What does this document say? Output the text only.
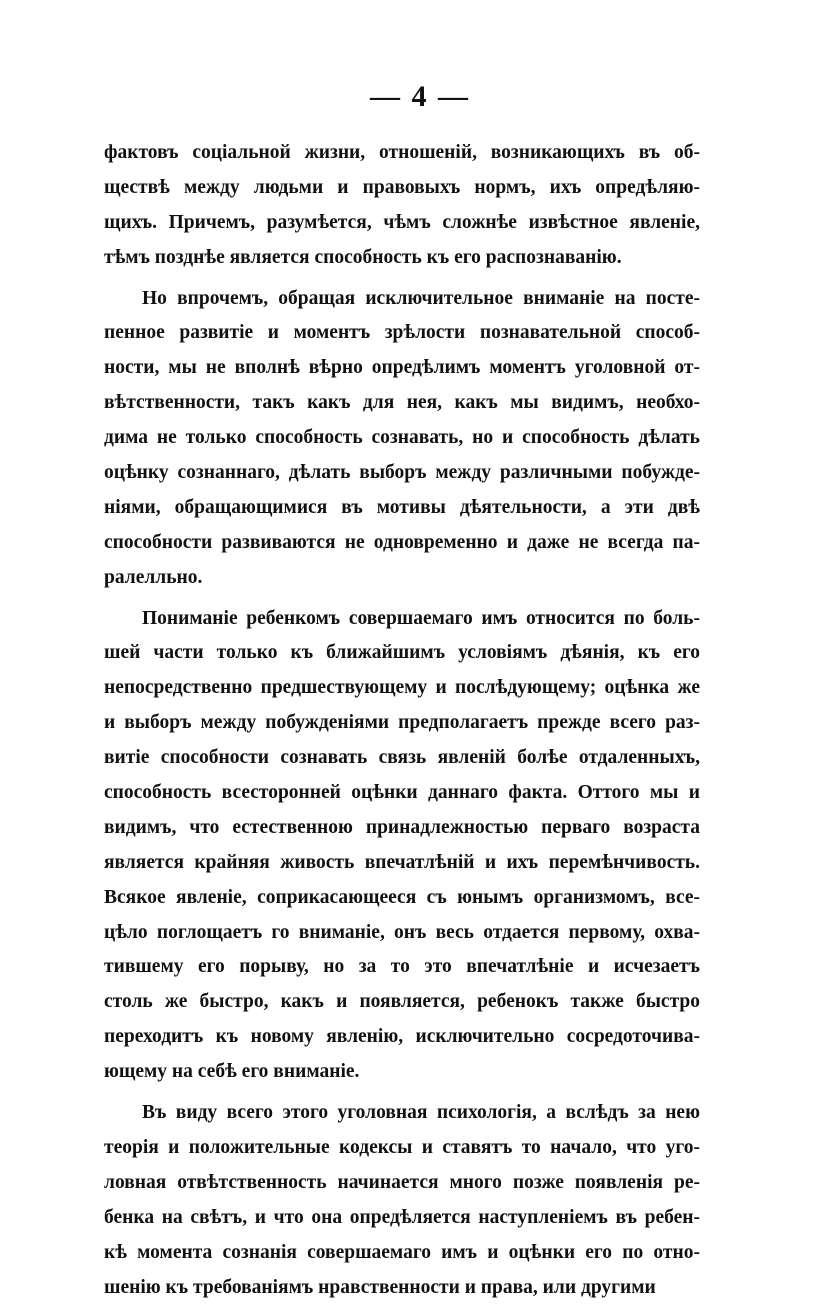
— 4 —
фактовъ соціальной жизни, отношеній, возникающихъ въ об-
ществѣ между людьми и правовыхъ нормъ, ихъ опредѣляю-
щихъ. Причемъ, разумѣется, чѣмъ сложнѣе извѣстное явленіе,
тѣмъ позднѣе является способность къ его распознаванію.
Но впрочемъ, обращая исключительное вниманіе на посте-
пенное развитіе и моментъ зрѣлости познавательной способ-
ности, мы не вполнѣ вѣрно опредѣлимъ моментъ уголовной от-
вѣтственности, такъ какъ для нея, какъ мы видимъ, необхо-
дима не только способность сознавать, но и способность дѣлать
оцѣнку сознаннаго, дѣлать выборъ между различными побужде-
ніями, обращающимися въ мотивы дѣятельности, а эти двѣ
способности развиваются не одновременно и даже не всегда па-
ралелльно.
Пониманіе ребенкомъ совершаемаго имъ относится по боль-
шей части только къ ближайшимъ условіямъ дѣянія, къ его
непосредственно предшествующему и послѣдующему; оцѣнка же
и выборъ между побужденіями предполагаетъ прежде всего раз-
витіе способности сознавать связь явленій болѣе отдаленныхъ,
способность всесторонней оцѣнки даннаго факта. Оттого мы и
видимъ, что естественною принадлежностью перваго возраста
является крайняя живость впечатлѣній и ихъ перемѣнчивость.
Всякое явленіе, соприкасающееся съ юнымъ организмомъ, все-
цѣло поглощаетъ го вниманіе, онъ весь отдается первому, охва-
тившему его порыву, но за то это впечатлѣніе и исчезаетъ
столь же быстро, какъ и появляется, ребенокъ также быстро
переходитъ къ новому явленію, исключительно сосредоточива-
ющему на себѣ его вниманіе.
Въ виду всего этого уголовная психологія, а вслѣдъ за нею
теорія и положительные кодексы и ставятъ то начало, что уго-
ловная отвѣтственность начинается много позже появленія ре-
бенка на свѣтъ, и что она опредѣляется наступленіемъ въ ребен-
кѣ момента сознанія совершаемаго имъ и оцѣнки его по отно-
шенію къ требованіямъ нравственности и права, или другими
